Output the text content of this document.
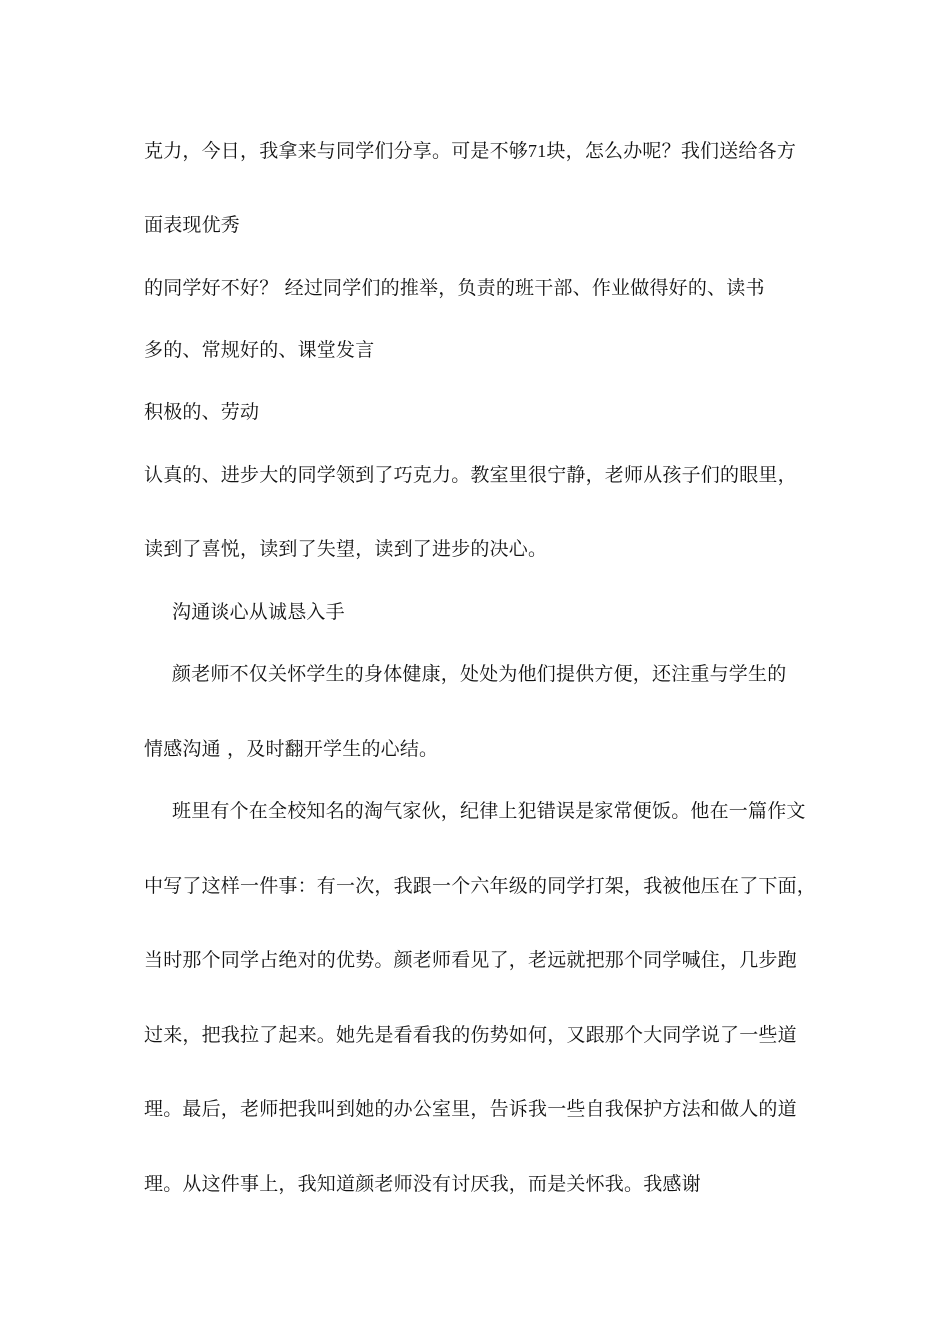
克力，今日，我拿来与同学们分享。可是不够71块，怎么办呢？我们送给各方
面表现优秀
的同学好不好？ 经过同学们的推举，负责的班干部、作业做得好的、读书
多的、常规好的、课堂发言
积极的、劳动
认真的、进步大的同学领到了巧克力。教室里很宁静，老师从孩子们的眼里，
读到了喜悦，读到了失望，读到了进步的决心。
沟通谈心从诚恳入手
颜老师不仅关怀学生的身体健康，处处为他们提供方便，还注重与学生的
情感沟通 ，及时翻开学生的心结。
班里有个在全校知名的淘气家伙，纪律上犯错误是家常便饭。他在一篇作文
中写了这样一件事：有一次，我跟一个六年级的同学打架，我被他压在了下面，
当时那个同学占绝对的优势。颜老师看见了，老远就把那个同学喊住，几步跑
过来，把我拉了起来。她先是看看我的伤势如何，又跟那个大同学说了一些道
理。最后，老师把我叫到她的办公室里，告诉我一些自我保护方法和做人的道
理。从这件事上，我知道颜老师没有讨厌我，而是关怀我。我感谢
